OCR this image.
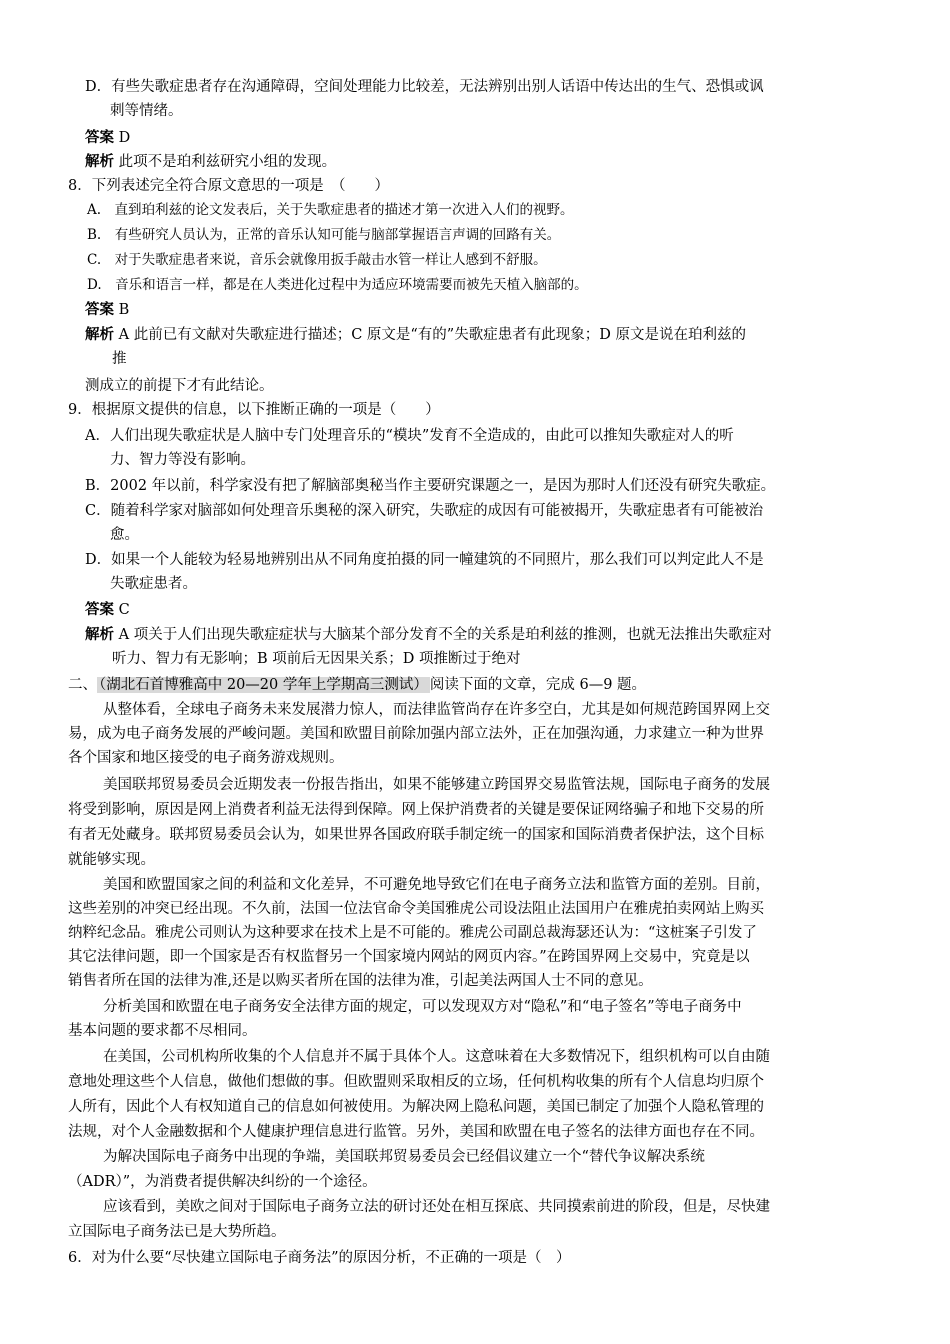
D．有些失歌症患者存在沟通障碍，空间处理能力比较差，无法辨别出别人话语中传达出的生气、恐惧或讽
刺等情绪。
答案 D
解析 此项不是珀利兹研究小组的发现。
8．下列表述完全符合原文意思的一项是　（　　）
A.　直到珀利兹的论文发表后，关于失歌症患者的描述才第一次进入人们的视野。
B.　有些研究人员认为，正常的音乐认知可能与脑部掌握语言声调的回路有关。
C.　对于失歌症患者来说，音乐会就像用扳手敲击水管一样让人感到不舒服。
D.　音乐和语言一样，都是在人类进化过程中为适应环境需要而被先天植入脑部的。
答案 B
解析 A 此前已有文献对失歌症进行描述；C 原文是“有的”失歌症患者有此现象；D 原文是说在珀利兹的
推
测成立的前提下才有此结论。
9．根据原文提供的信息，以下推断正确的一项是（　　）
A．人们出现失歌症状是人脑中专门处理音乐的“模块”发育不全造成的，由此可以推知失歌症对人的听
力、智力等没有影响。
B．2002 年以前，科学家没有把了解脑部奥秘当作主要研究课题之一，是因为那时人们还没有研究失歌症。
C．随着科学家对脑部如何处理音乐奥秘的深入研究，失歌症的成因有可能被揭开，失歌症患者有可能被治
愈。
D．如果一个人能较为轻易地辨别出从不同角度拍摄的同一幢建筑的不同照片，那么我们可以判定此人不是
失歌症患者。
答案 C
解析 A 项关于人们出现失歌症症状与大脑某个部分发育不全的关系是珀利兹的推测，也就无法推出失歌症对
听力、智力有无影响；B 项前后无因果关系；D 项推断过于绝对
二、 （湖北石首博雅高中 20—20 学年上学期高三测试） 阅读下面的文章，完成 6—9 题。
从整体看，全球电子商务未来发展潜力惊人，而法律监管尚存在许多空白，尤其是如何规范跨国界网上交
易，成为电子商务发展的严峻问题。美国和欧盟目前除加强内部立法外，正在加强沟通，力求建立一种为世界
各个国家和地区接受的电子商务游戏规则。
美国联邦贸易委员会近期发表一份报告指出，如果不能够建立跨国界交易监管法规，国际电子商务的发展
将受到影响，原因是网上消费者利益无法得到保障。网上保护消费者的关键是要保证网络骗子和地下交易的所
有者无处藏身。联邦贸易委员会认为，如果世界各国政府联手制定统一的国家和国际消费者保护法，这个目标
就能够实现。
美国和欧盟国家之间的利益和文化差异，不可避免地导致它们在电子商务立法和监管方面的差别。目前，
这些差别的冲突已经出现。不久前，法国一位法官命令美国雅虎公司设法阻止法国用户在雅虎拍卖网站上购买
纳粹纪念品。雅虎公司则认为这种要求在技术上是不可能的。雅虎公司副总裁海瑟还认为：“这桩案子引发了
其它法律问题，即一个国家是否有权监督另一个国家境内网站的网页内容。”在跨国界网上交易中，究竟是以
销售者所在国的法律为准,还是以购买者所在国的法律为准，引起美法两国人士不同的意见。
分析美国和欧盟在电子商务安全法律方面的规定，可以发现双方对“隐私”和“电子签名”等电子商务中
基本问题的要求都不尽相同。
在美国，公司机构所收集的个人信息并不属于具体个人。这意味着在大多数情况下，组织机构可以自由随
意地处理这些个人信息，做他们想做的事。但欧盟则采取相反的立场，任何机构收集的所有个人信息均归原个
人所有，因此个人有权知道自己的信息如何被使用。为解决网上隐私问题，美国已制定了加强个人隐私管理的
法规，对个人金融数据和个人健康护理信息进行监管。另外，美国和欧盟在电子签名的法律方面也存在不同。
为解决国际电子商务中出现的争端，美国联邦贸易委员会已经倡议建立一个“替代争议解决系统
（ADR）”，为消费者提供解决纠纷的一个途径。
应该看到，美欧之间对于国际电子商务立法的研讨还处在相互探底、共同摸索前进的阶段，但是，尽快建
立国际电子商务法已是大势所趋。
6．对为什么要“尽快建立国际电子商务法”的原因分析，不正确的一项是（　）
